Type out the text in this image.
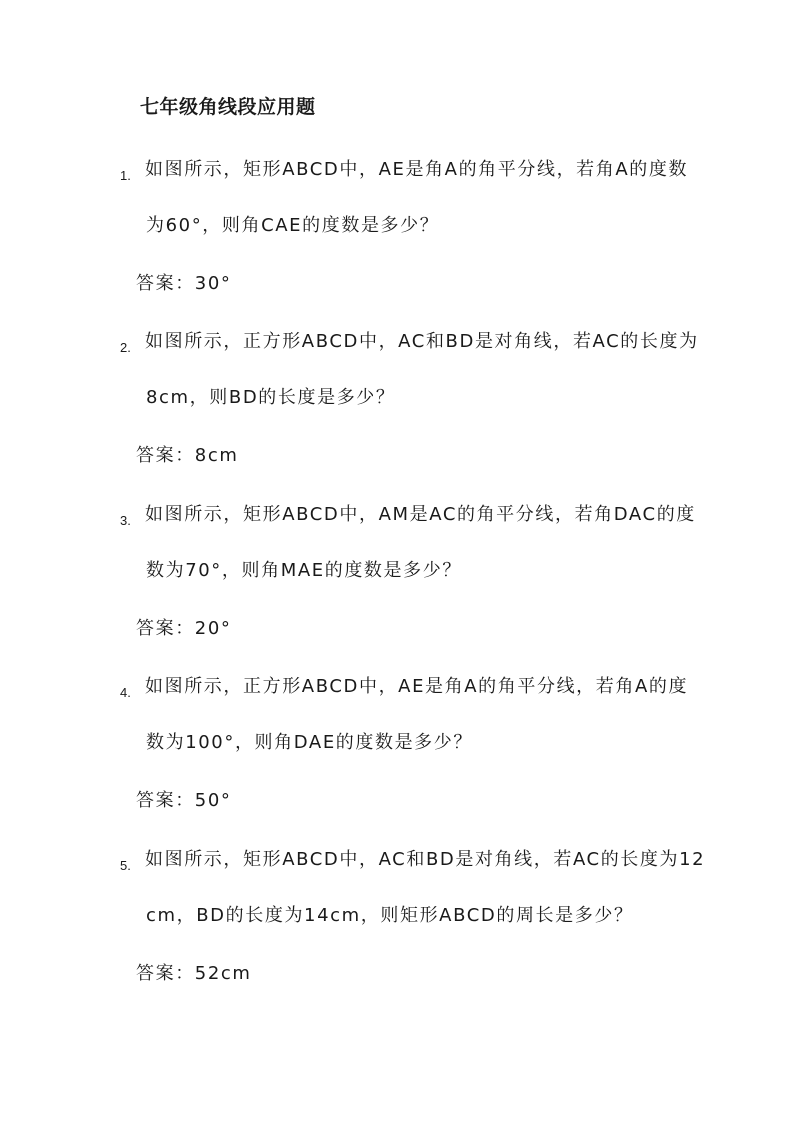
七年级角线段应用题
1. 如图所示，矩形ABCD中，AE是角A的角平分线，若角A的度数
为60°，则角CAE的度数是多少？
答案：30°
2. 如图所示，正方形ABCD中，AC和BD是对角线，若AC的长度为
8cm，则BD的长度是多少？
答案：8cm
3. 如图所示，矩形ABCD中，AM是AC的角平分线，若角DAC的度
数为70°，则角MAE的度数是多少？
答案：20°
4. 如图所示，正方形ABCD中，AE是角A的角平分线，若角A的度
数为100°，则角DAE的度数是多少？
答案：50°
5. 如图所示，矩形ABCD中，AC和BD是对角线，若AC的长度为12
cm，BD的长度为14cm，则矩形ABCD的周长是多少？
答案：52cm
